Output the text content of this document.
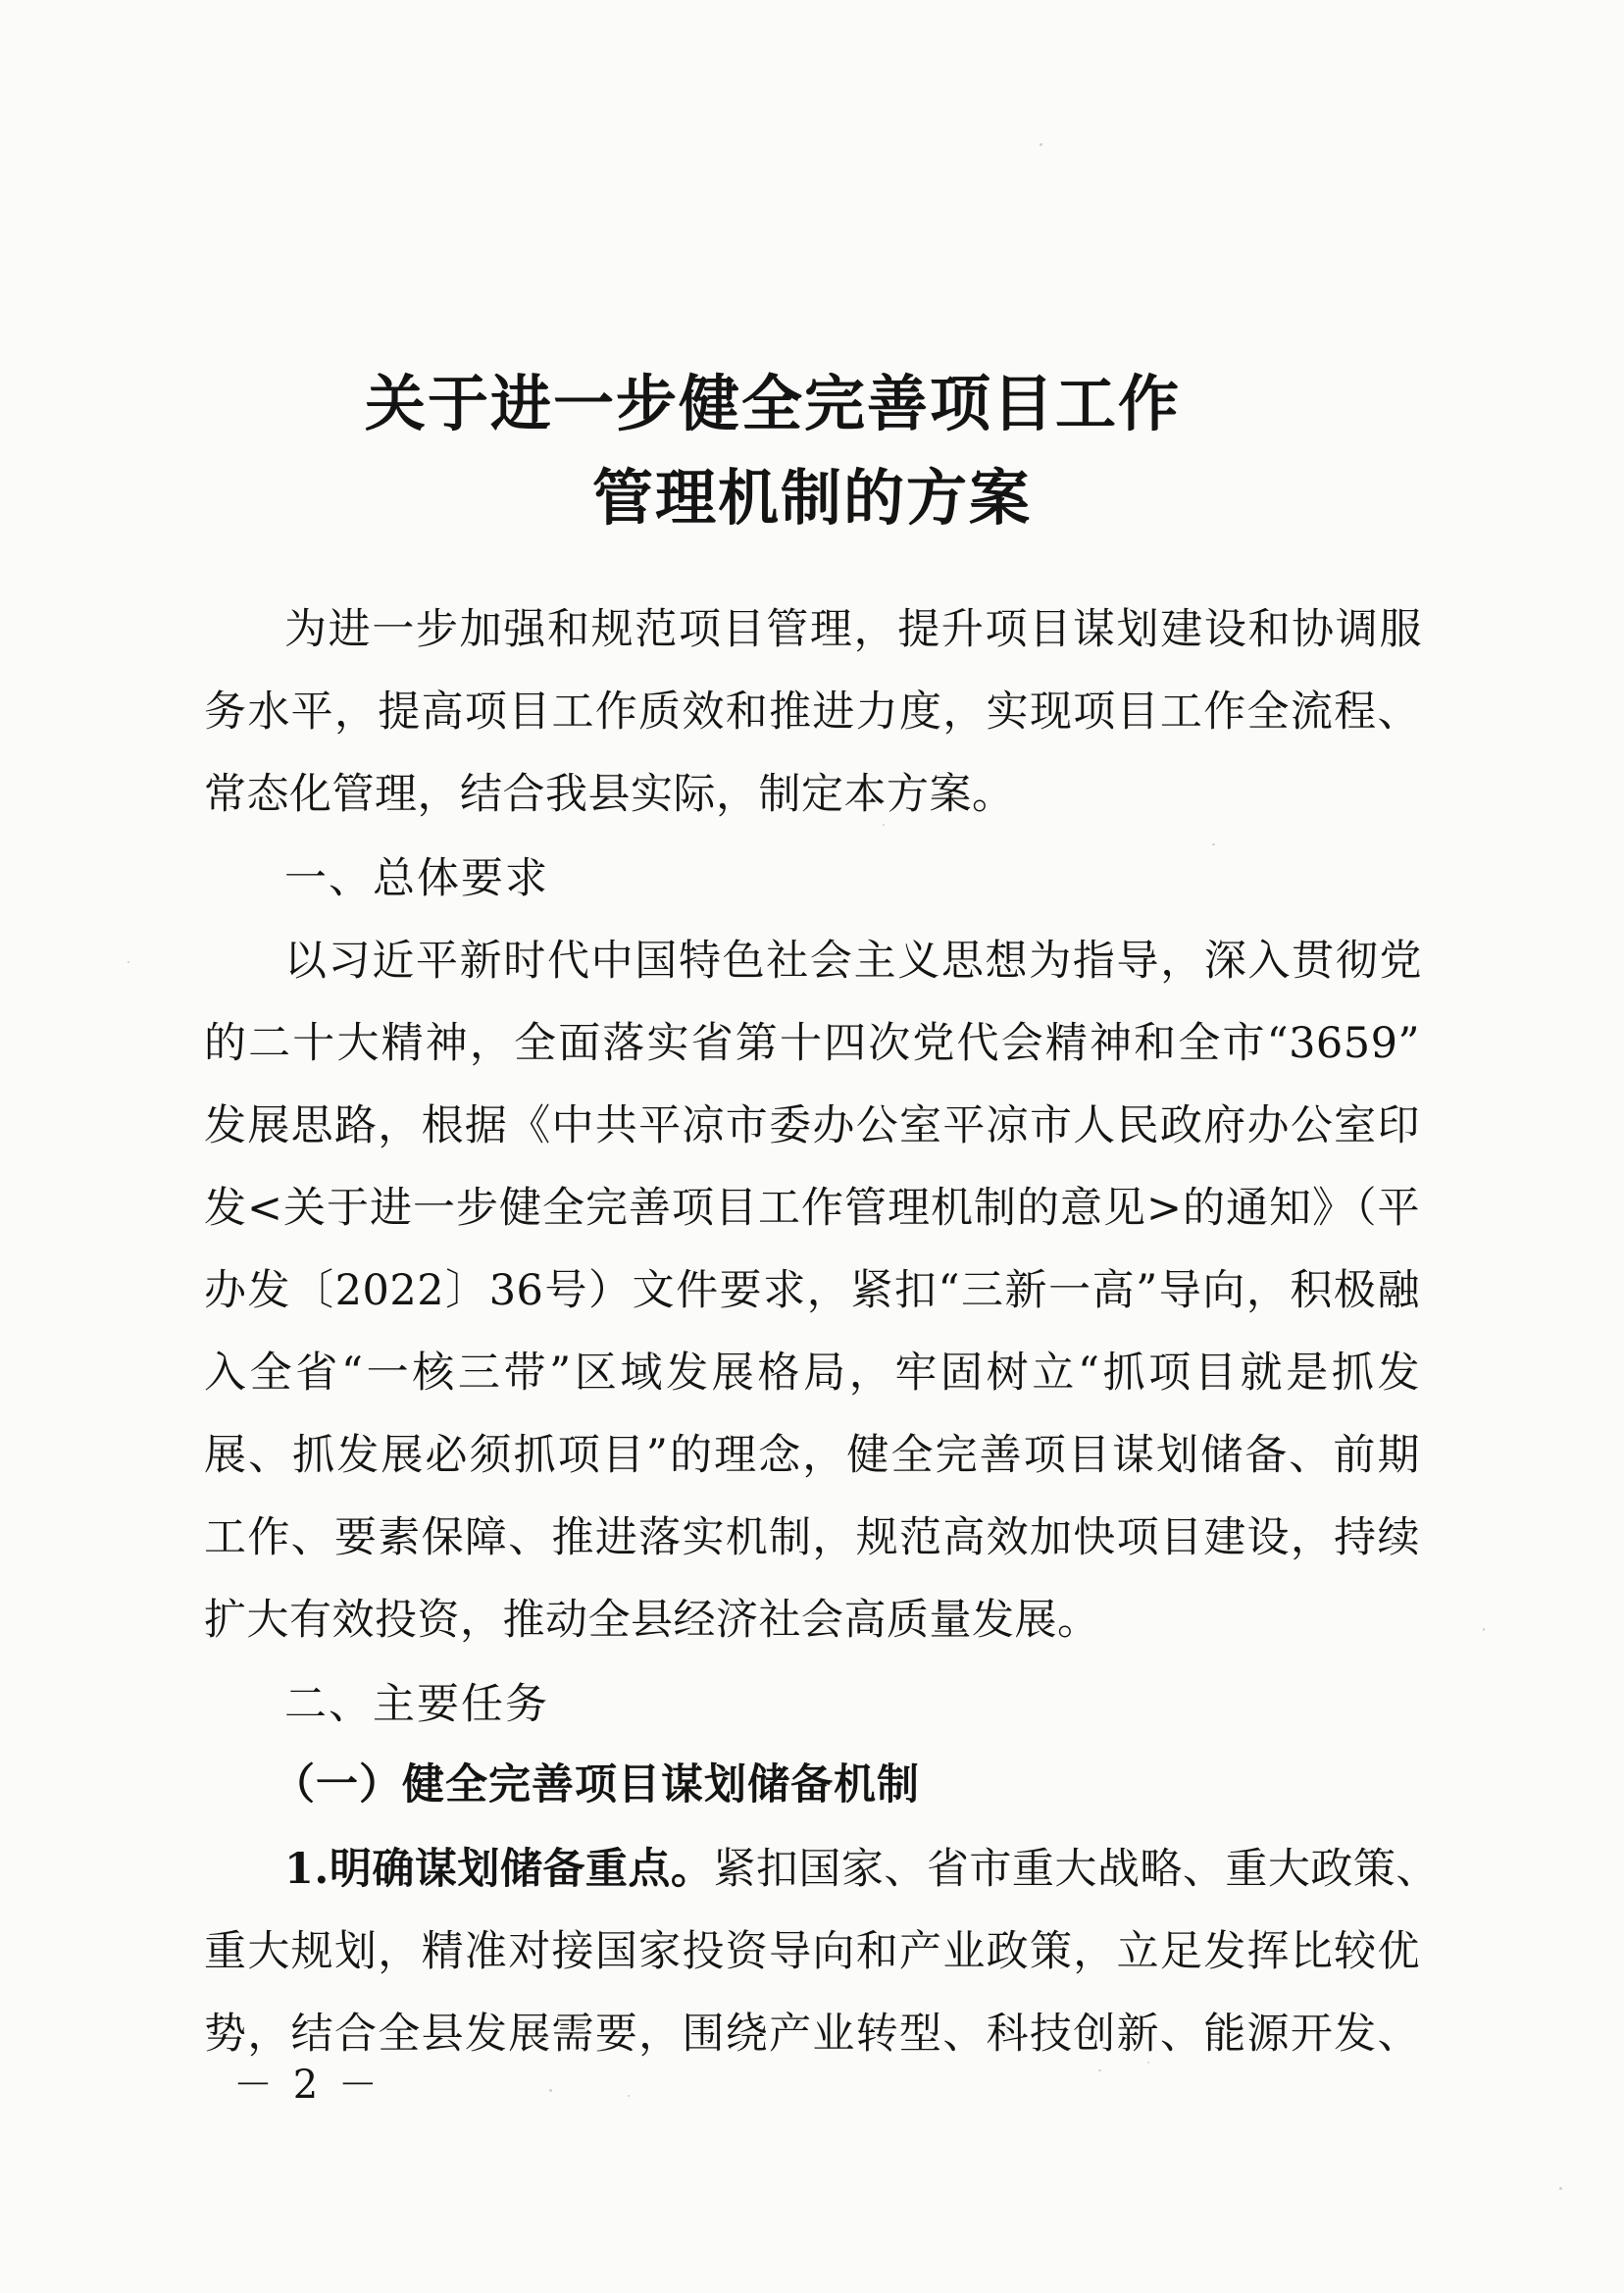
关于进一步健全完善项目工作
管理机制的方案

为进一步加强和规范项目管理，提升项目谋划建设和协调服

务水平，提高项目工作质效和推进力度，实现项目工作全流程、

常态化管理，结合我县实际，制定本方案。

一、总体要求

以习近平新时代中国特色社会主义思想为指导，深入贯彻党

的二十大精神，全面落实省第十四次党代会精神和全市“3659”

发展思路，根据《中共平凉市委办公室平凉市人民政府办公室印

发<关于进一步健全完善项目工作管理机制的意见>的通知》（平

办发〔2022〕36号）文件要求，紧扣“三新一高”导向，积极融

入全省“一核三带”区域发展格局，牢固树立“抓项目就是抓发

展、抓发展必须抓项目”的理念，健全完善项目谋划储备、前期

工作、要素保障、推进落实机制，规范高效加快项目建设，持续

扩大有效投资，推动全县经济社会高质量发展。

二、主要任务

（一）健全完善项目谋划储备机制

1.明确谋划储备重点。紧扣国家、省市重大战略、重大政策、

重大规划，精准对接国家投资导向和产业政策，立足发挥比较优

势，结合全县发展需要，围绕产业转型、科技创新、能源开发、

－ 2 －
